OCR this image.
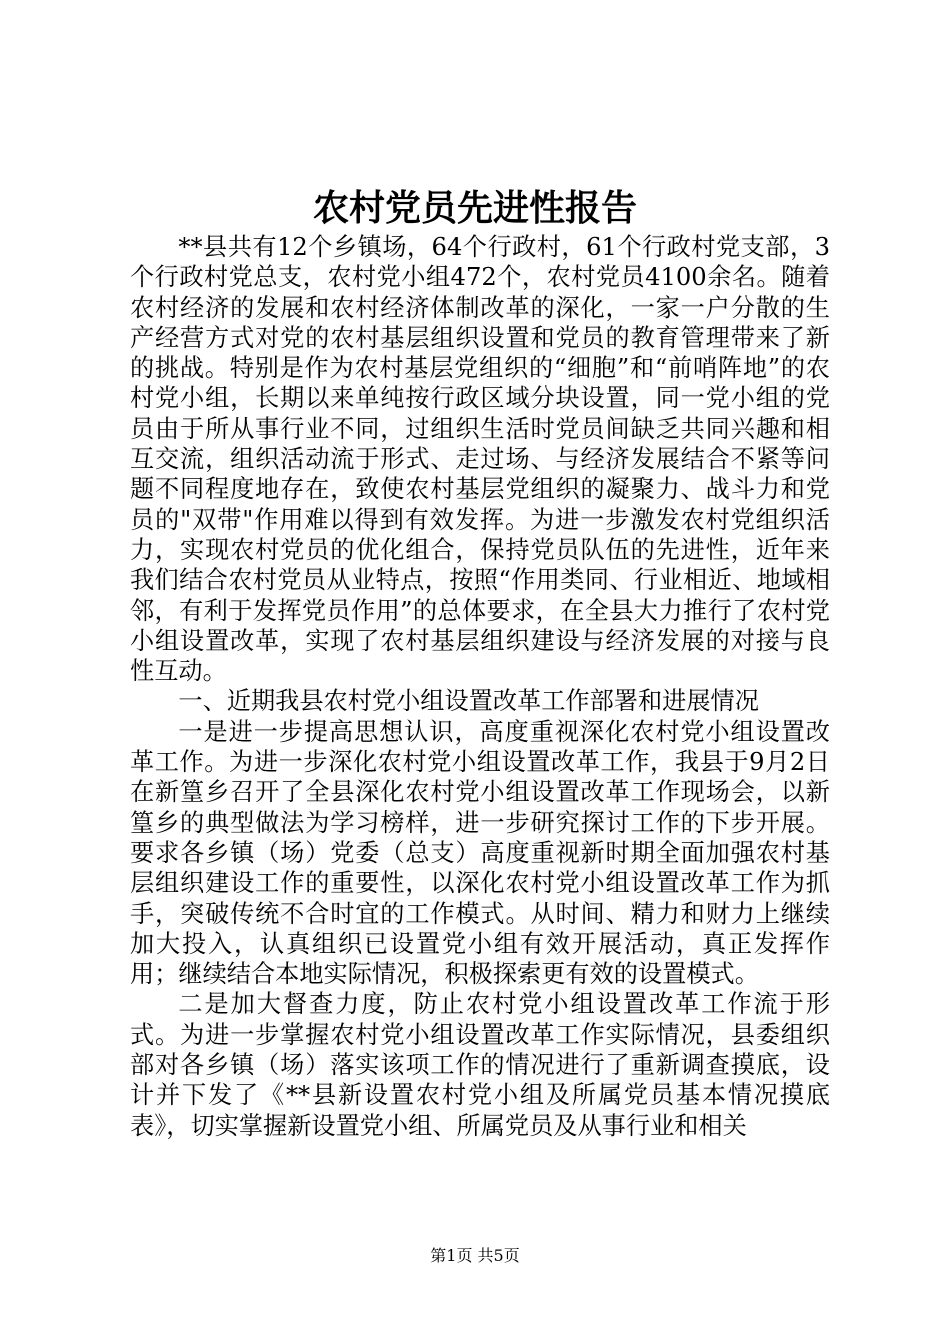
农村党员先进性报告

**县共有12个乡镇场，64个行政村，61个行政村党支部，3个行政村党总支，农村党小组472个，农村党员4100余名。随着农村经济的发展和农村经济体制改革的深化，一家一户分散的生产经营方式对党的农村基层组织设置和党员的教育管理带来了新的挑战。特别是作为农村基层党组织的“细胞”和“前哨阵地”的农村党小组，长期以来单纯按行政区域分块设置，同一党小组的党员由于所从事行业不同，过组织生活时党员间缺乏共同兴趣和相互交流，组织活动流于形式、走过场、与经济发展结合不紧等问题不同程度地存在，致使农村基层党组织的凝聚力、战斗力和党员的"双带"作用难以得到有效发挥。为进一步激发农村党组织活力，实现农村党员的优化组合，保持党员队伍的先进性，近年来我们结合农村党员从业特点，按照“作用类同、行业相近、地域相邻，有利于发挥党员作用”的总体要求，在全县大力推行了农村党小组设置改革，实现了农村基层组织建设与经济发展的对接与良性互动。

一、近期我县农村党小组设置改革工作部署和进展情况

一是进一步提高思想认识，高度重视深化农村党小组设置改革工作。为进一步深化农村党小组设置改革工作，我县于9月2日在新篁乡召开了全县深化农村党小组设置改革工作现场会，以新篁乡的典型做法为学习榜样，进一步研究探讨工作的下步开展。要求各乡镇（场）党委（总支）高度重视新时期全面加强农村基层组织建设工作的重要性，以深化农村党小组设置改革工作为抓手，突破传统不合时宜的工作模式。从时间、精力和财力上继续加大投入，认真组织已设置党小组有效开展活动，真正发挥作用；继续结合本地实际情况，积极探索更有效的设置模式。

二是加大督查力度，防止农村党小组设置改革工作流于形式。为进一步掌握农村党小组设置改革工作实际情况，县委组织部对各乡镇（场）落实该项工作的情况进行了重新调查摸底，设计并下发了《**县新设置农村党小组及所属党员基本情况摸底表》，切实掌握新设置党小组、所属党员及从事行业和相关

第1页 共5页
